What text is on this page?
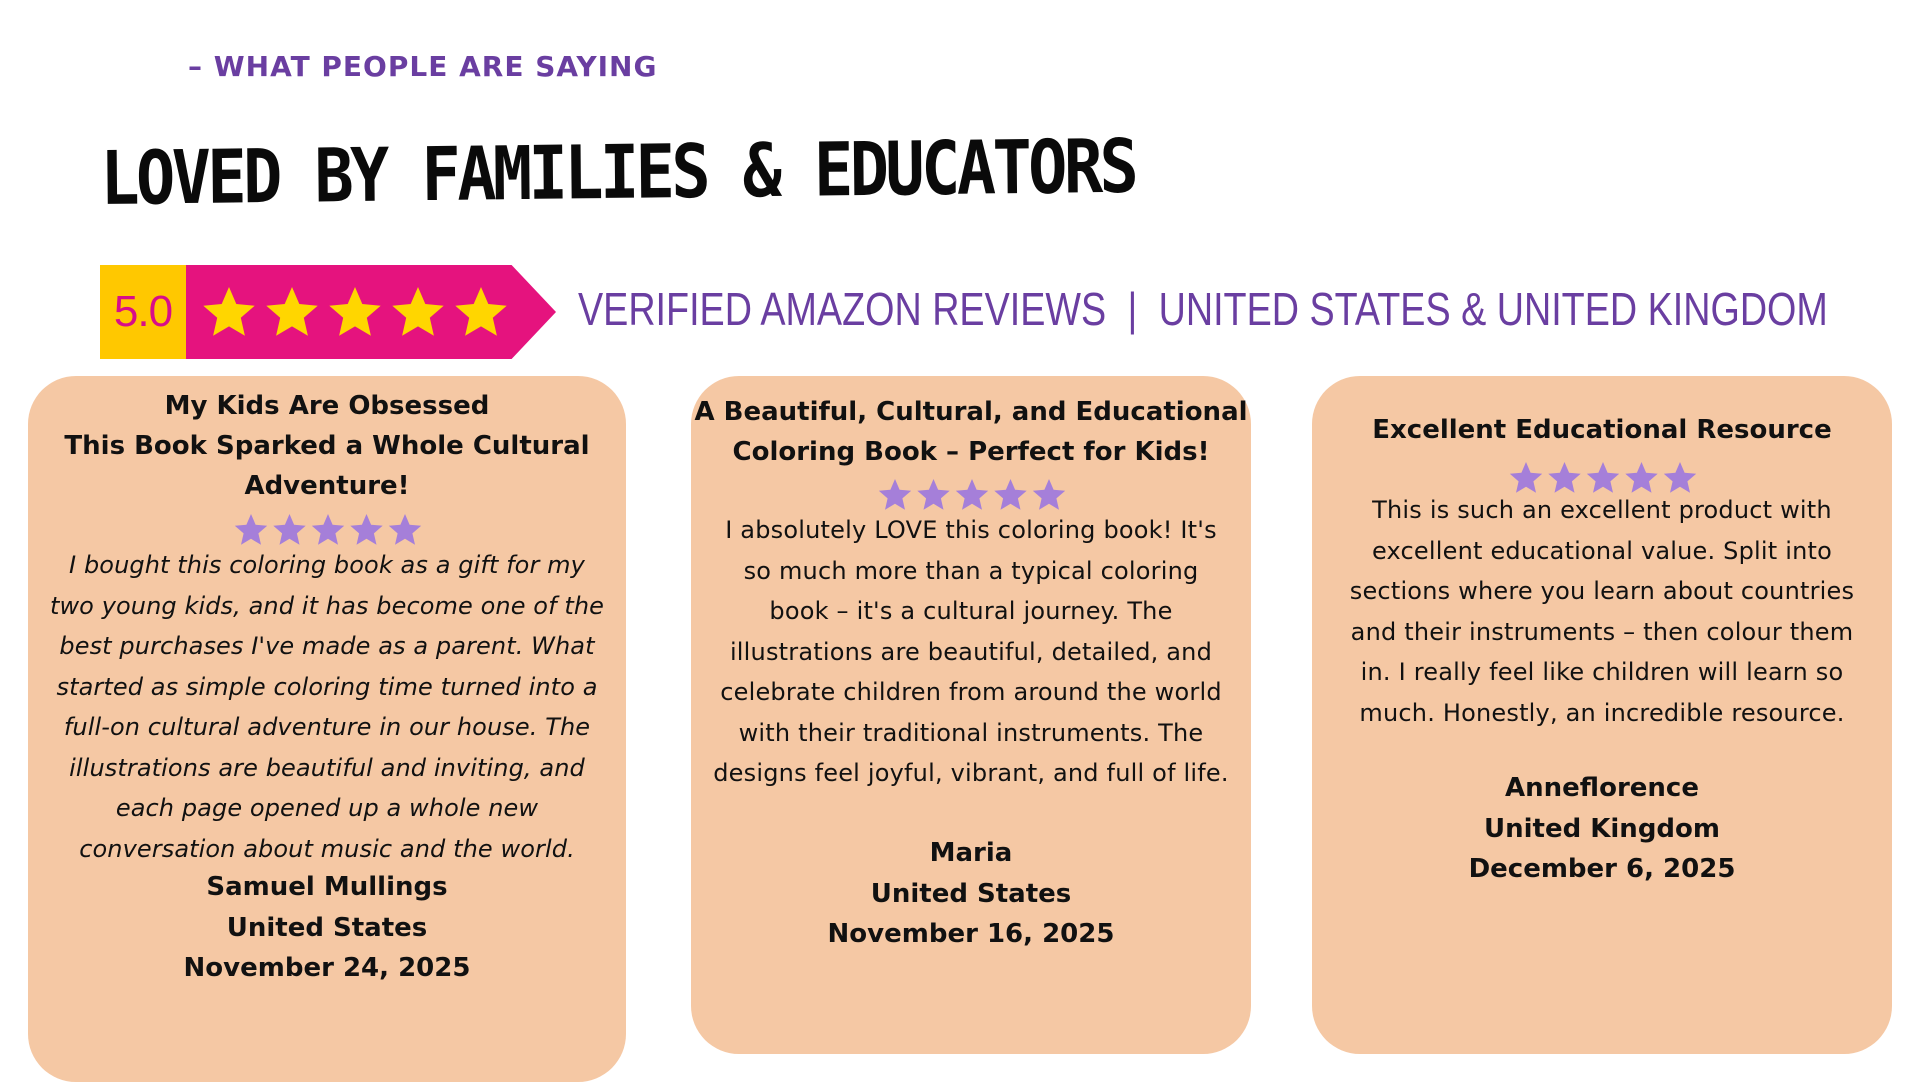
– WHAT PEOPLE ARE SAYING
LOVED BY FAMILIES & EDUCATORS
5.0	VERIFIED AMAZON REVIEWS | UNITED STATES & UNITED KINGDOM
My Kids Are Obsessed
This Book Sparked a Whole Cultural
Adventure!
I bought this coloring book as a gift for my
two young kids, and it has become one of the
best purchases I've made as a parent. What
started as simple coloring time turned into a
full-on cultural adventure in our house. The
illustrations are beautiful and inviting, and
each page opened up a whole new
conversation about music and the world.
Samuel Mullings
United States
November 24, 2025
A Beautiful, Cultural, and Educational
Coloring Book – Perfect for Kids!
I absolutely LOVE this coloring book! It's
so much more than a typical coloring
book – it's a cultural journey. The
illustrations are beautiful, detailed, and
celebrate children from around the world
with their traditional instruments. The
designs feel joyful, vibrant, and full of life.
Maria
United States
November 16, 2025
Excellent Educational Resource
This is such an excellent product with
excellent educational value. Split into
sections where you learn about countries
and their instruments – then colour them
in. I really feel like children will learn so
much. Honestly, an incredible resource.
Anneflorence
United Kingdom
December 6, 2025
